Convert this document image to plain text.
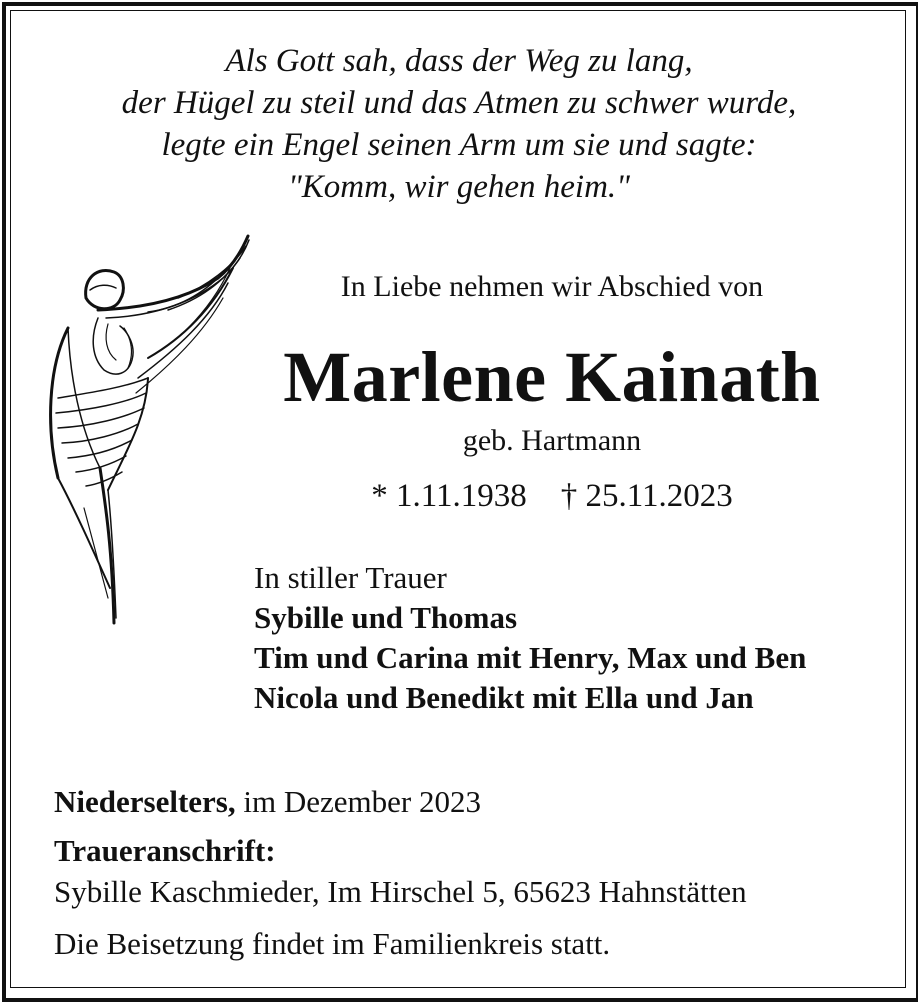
Als Gott sah, dass der Weg zu lang,
der Hügel zu steil und das Atmen zu schwer wurde,
legte ein Engel seinen Arm um sie und sagte:
"Komm, wir gehen heim."
In Liebe nehmen wir Abschied von
Marlene Kainath
geb. Hartmann
* 1.11.1938 † 25.11.2023
In stiller Trauer
Sybille und Thomas
Tim und Carina mit Henry, Max und Ben
Nicola und Benedikt mit Ella und Jan
Niederselters, im Dezember 2023
Traueranschrift:
Sybille Kaschmieder, Im Hirschel 5, 65623 Hahnstätten
Die Beisetzung findet im Familienkreis statt.
